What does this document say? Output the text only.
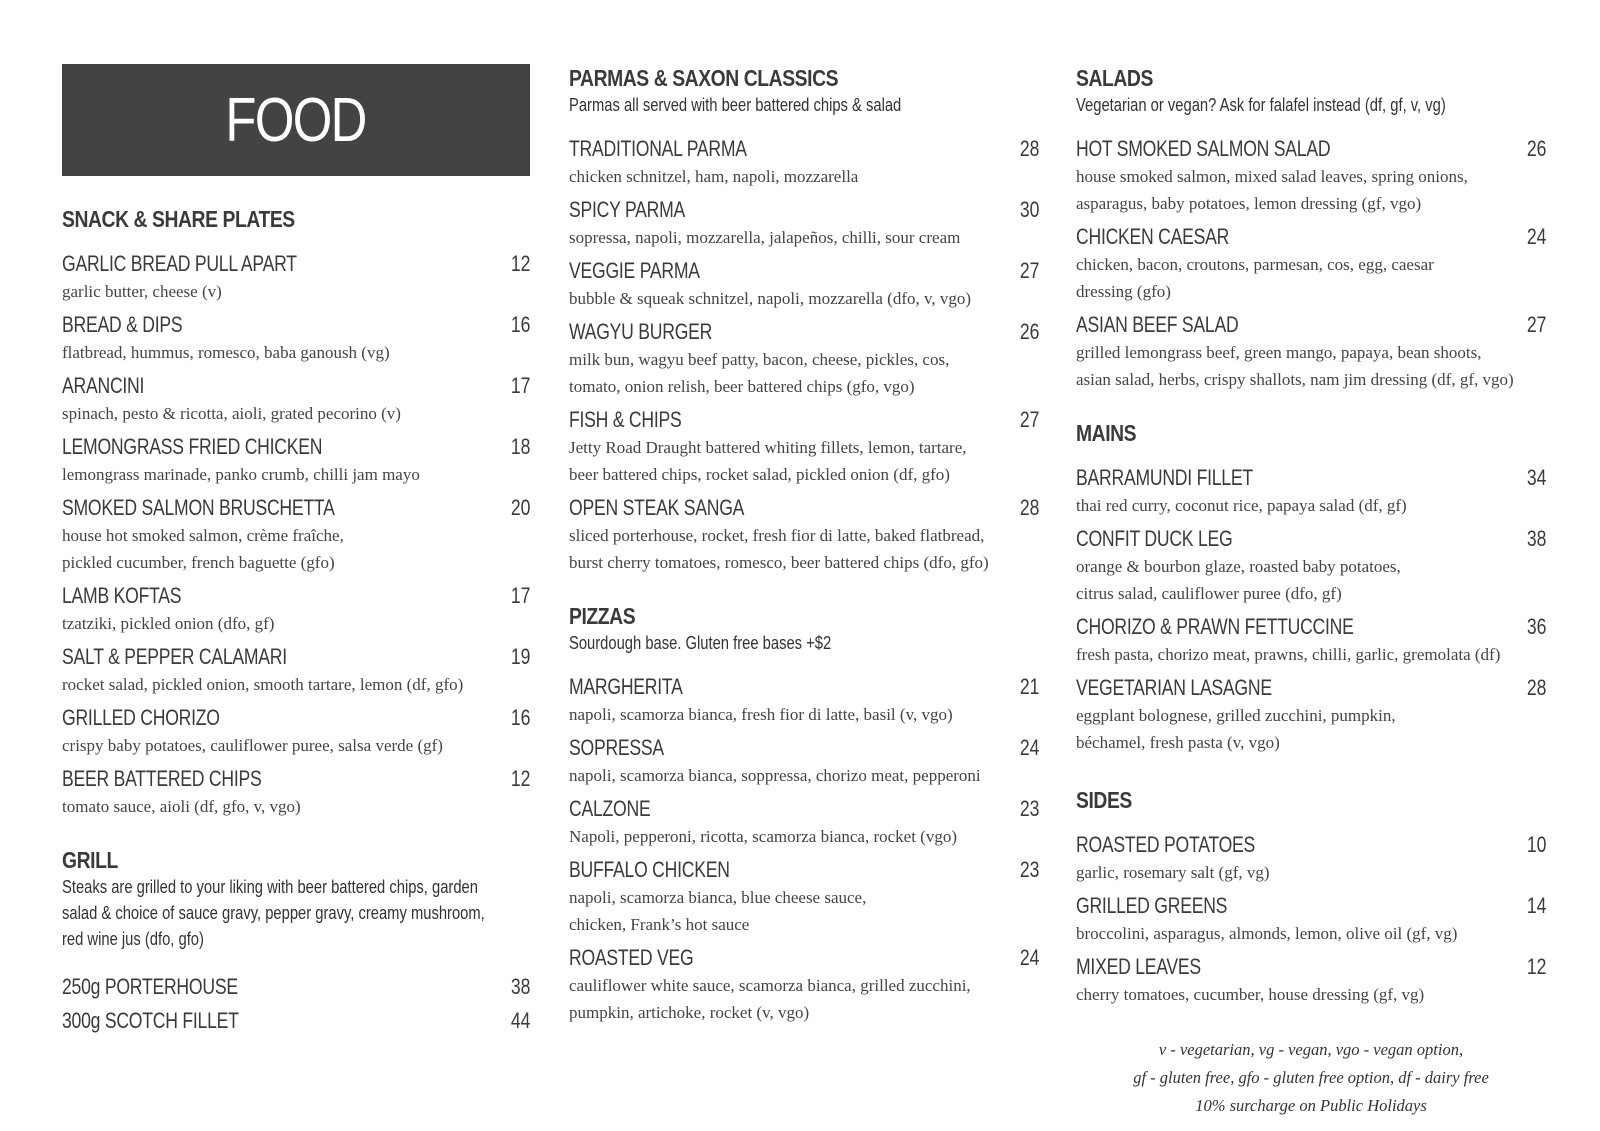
FOOD
SNACK & SHARE PLATES
GARLIC BREAD PULL APART	12
garlic butter, cheese (v)
BREAD & DIPS	16
flatbread, hummus, romesco, baba ganoush (vg)
ARANCINI	17
spinach, pesto & ricotta, aioli, grated pecorino (v)
LEMONGRASS FRIED CHICKEN	18
lemongrass marinade, panko crumb, chilli jam mayo
SMOKED SALMON BRUSCHETTA	20
house hot smoked salmon, crème fraîche,
pickled cucumber, french baguette (gfo)
LAMB KOFTAS	17
tzatziki, pickled onion (dfo, gf)
SALT & PEPPER CALAMARI	19
rocket salad, pickled onion, smooth tartare, lemon (df, gfo)
GRILLED CHORIZO	16
crispy baby potatoes, cauliflower puree, salsa verde (gf)
BEER BATTERED CHIPS	12
tomato sauce, aioli (df, gfo, v, vgo)
GRILL
Steaks are grilled to your liking with beer battered chips, garden
salad & choice of sauce gravy, pepper gravy, creamy mushroom,
red wine jus (dfo, gfo)
250g PORTERHOUSE	38
300g SCOTCH FILLET	44
PARMAS & SAXON CLASSICS
Parmas all served with beer battered chips & salad
TRADITIONAL PARMA	28
chicken schnitzel, ham, napoli, mozzarella
SPICY PARMA	30
sopressa, napoli, mozzarella, jalapeños, chilli, sour cream
VEGGIE PARMA	27
bubble & squeak schnitzel, napoli, mozzarella (dfo, v, vgo)
WAGYU BURGER	26
milk bun, wagyu beef patty, bacon, cheese, pickles, cos,
tomato, onion relish, beer battered chips (gfo, vgo)
FISH & CHIPS	27
Jetty Road Draught battered whiting fillets, lemon, tartare,
beer battered chips, rocket salad, pickled onion (df, gfo)
OPEN STEAK SANGA	28
sliced porterhouse, rocket, fresh fior di latte, baked flatbread,
burst cherry tomatoes, romesco, beer battered chips (dfo, gfo)
PIZZAS
Sourdough base. Gluten free bases +$2
MARGHERITA	21
napoli, scamorza bianca, fresh fior di latte, basil (v, vgo)
SOPRESSA	24
napoli, scamorza bianca, soppressa, chorizo meat, pepperoni
CALZONE	23
Napoli, pepperoni, ricotta, scamorza bianca, rocket (vgo)
BUFFALO CHICKEN	23
napoli, scamorza bianca, blue cheese sauce,
chicken, Frank’s hot sauce
ROASTED VEG	24
cauliflower white sauce, scamorza bianca, grilled zucchini,
pumpkin, artichoke, rocket (v, vgo)
SALADS
Vegetarian or vegan? Ask for falafel instead (df, gf, v, vg)
HOT SMOKED SALMON SALAD	26
house smoked salmon, mixed salad leaves, spring onions,
asparagus, baby potatoes, lemon dressing (gf, vgo)
CHICKEN CAESAR	24
chicken, bacon, croutons, parmesan, cos, egg, caesar
dressing (gfo)
ASIAN BEEF SALAD	27
grilled lemongrass beef, green mango, papaya, bean shoots,
asian salad, herbs, crispy shallots, nam jim dressing (df, gf, vgo)
MAINS
BARRAMUNDI FILLET	34
thai red curry, coconut rice, papaya salad (df, gf)
CONFIT DUCK LEG	38
orange & bourbon glaze, roasted baby potatoes,
citrus salad, cauliflower puree (dfo, gf)
CHORIZO & PRAWN FETTUCCINE	36
fresh pasta, chorizo meat, prawns, chilli, garlic, gremolata (df)
VEGETARIAN LASAGNE	28
eggplant bolognese, grilled zucchini, pumpkin,
béchamel, fresh pasta (v, vgo)
SIDES
ROASTED POTATOES	10
garlic, rosemary salt (gf, vg)
GRILLED GREENS	14
broccolini, asparagus, almonds, lemon, olive oil (gf, vg)
MIXED LEAVES	12
cherry tomatoes, cucumber, house dressing (gf, vg)
v - vegetarian, vg - vegan, vgo - vegan option,
gf - gluten free, gfo - gluten free option, df - dairy free
10% surcharge on Public Holidays
